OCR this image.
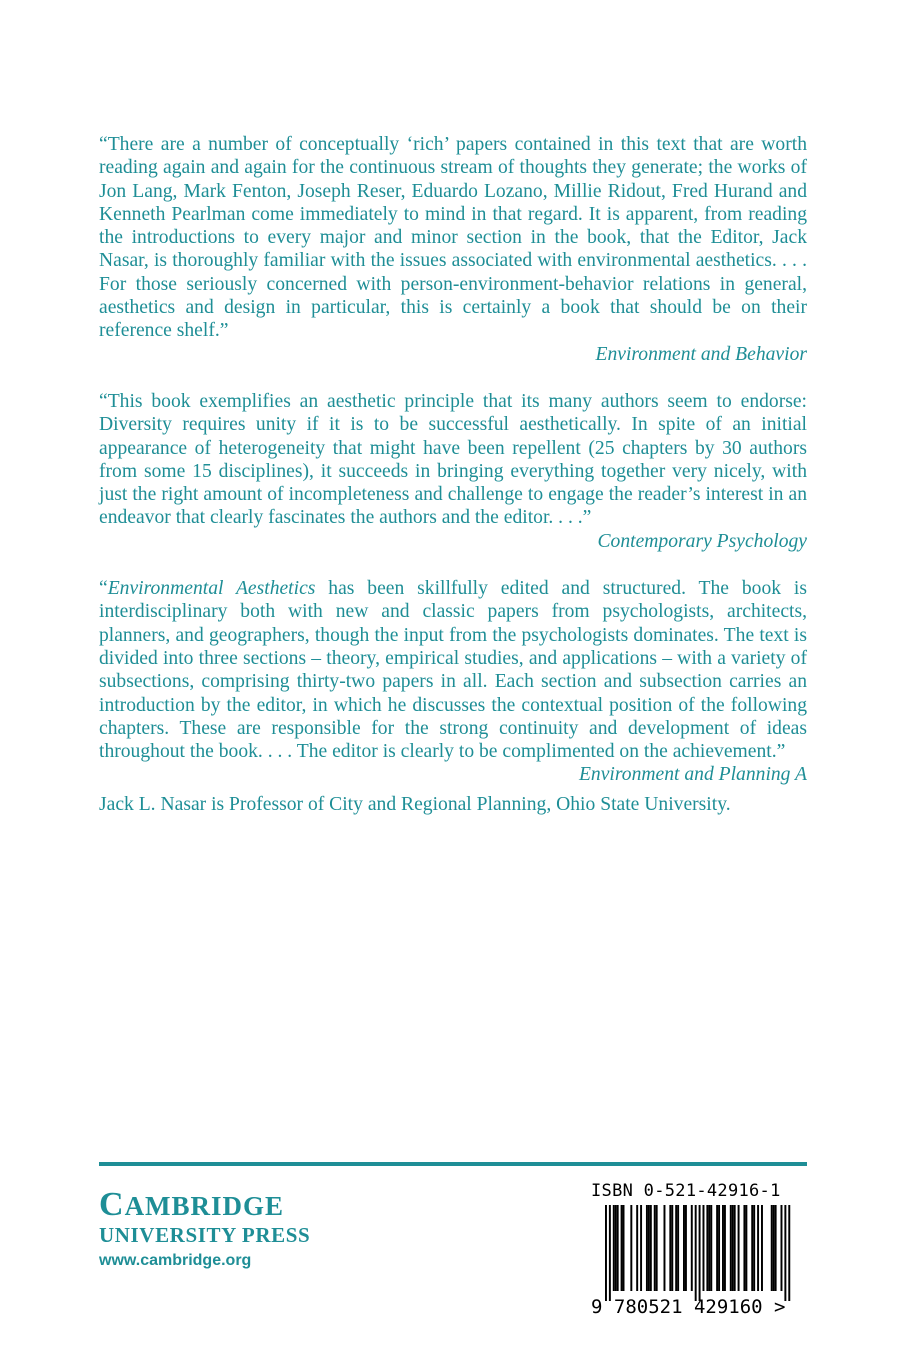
“There are a number of conceptually ‘rich’ papers contained in this text that are worth reading again and again for the continuous stream of thoughts they generate; the works of Jon Lang, Mark Fenton, Joseph Reser, Eduardo Lozano, Millie Ridout, Fred Hurand and Kenneth Pearlman come immediately to mind in that regard. It is apparent, from reading the introductions to every major and minor section in the book, that the Editor, Jack Nasar, is thoroughly familiar with the issues associated with environmental aesthetics. . . . For those seriously concerned with person-environment-behavior relations in general, aesthetics and design in particular, this is certainly a book that should be on their reference shelf.”

Environment and Behavior

“This book exemplifies an aesthetic principle that its many authors seem to endorse: Diversity requires unity if it is to be successful aesthetically. In spite of an initial appearance of heterogeneity that might have been repellent (25 chapters by 30 authors from some 15 disciplines), it succeeds in bringing everything together very nicely, with just the right amount of incompleteness and challenge to engage the reader’s interest in an endeavor that clearly fascinates the authors and the editor. . . .”

Contemporary Psychology

“Environmental Aesthetics has been skillfully edited and structured. The book is interdisciplinary both with new and classic papers from psychologists, architects, planners, and geographers, though the input from the psychologists dominates. The text is divided into three sections – theory, empirical studies, and applications – with a variety of subsections, comprising thirty-two papers in all. Each section and subsection carries an introduction by the editor, in which he discusses the contextual position of the following chapters. These are responsible for the strong continuity and development of ideas throughout the book. . . . The editor is clearly to be complimented on the achievement.”
Environment and Planning A

Jack L. Nasar is Professor of City and Regional Planning, Ohio State University.

CAMBRIDGE
UNIVERSITY PRESS
www.cambridge.org
ISBN 0-521-42916-1
9 780521 429160 >
